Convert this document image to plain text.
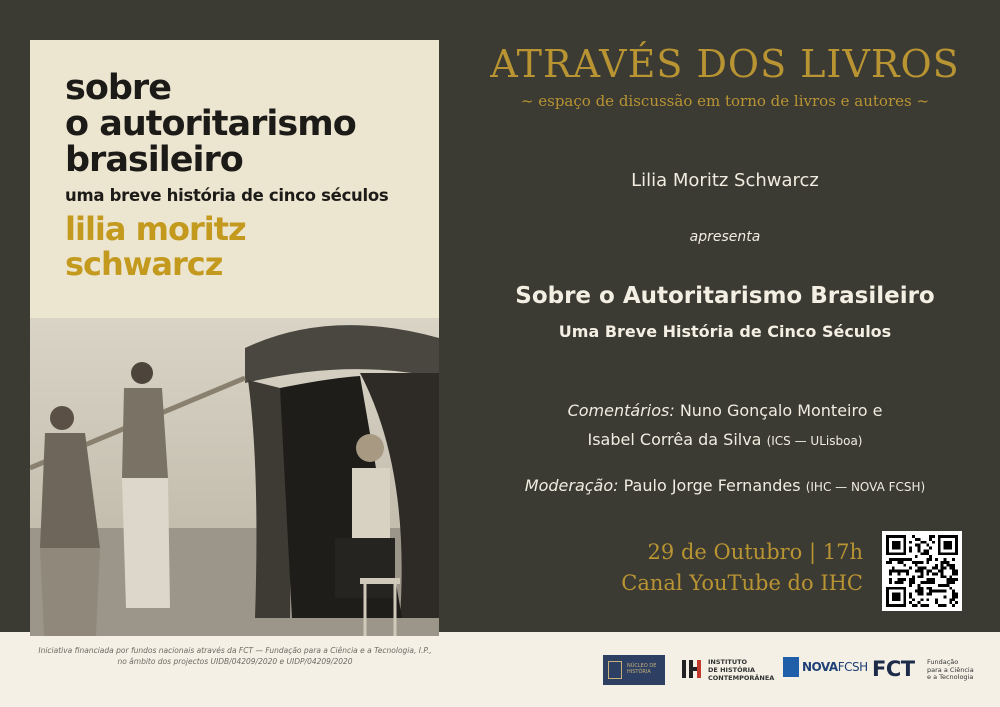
sobre
o autoritarismo
brasileiro
uma breve história de cinco séculos
lilia moritz
schwarcz
ATRAVÉS DOS LIVROS
~ espaço de discussão em torno de livros e autores ~
Lilia Moritz Schwarcz
apresenta
Sobre o Autoritarismo Brasileiro
Uma Breve História de Cinco Séculos
Comentários: Nuno Gonçalo Monteiro e
Isabel Corrêa da Silva (ICS — ULisboa)
Moderação: Paulo Jorge Fernandes (IHC — NOVA FCSH)
29 de Outubro | 17h
Canal YouTube do IHC
Iniciativa financiada por fundos nacionais através da FCT — Fundação para a Ciência e a Tecnologia, I.P.,
no âmbito dos projectos UIDB/04209/2020 e UIDP/04209/2020	NÚCLEO DE HISTÓRIA
INSTITUTO
DE HISTÓRIA
CONTEMPORÂNEA
NOVAFCSH FCT Fundação
para a Ciência
e a Tecnologia
